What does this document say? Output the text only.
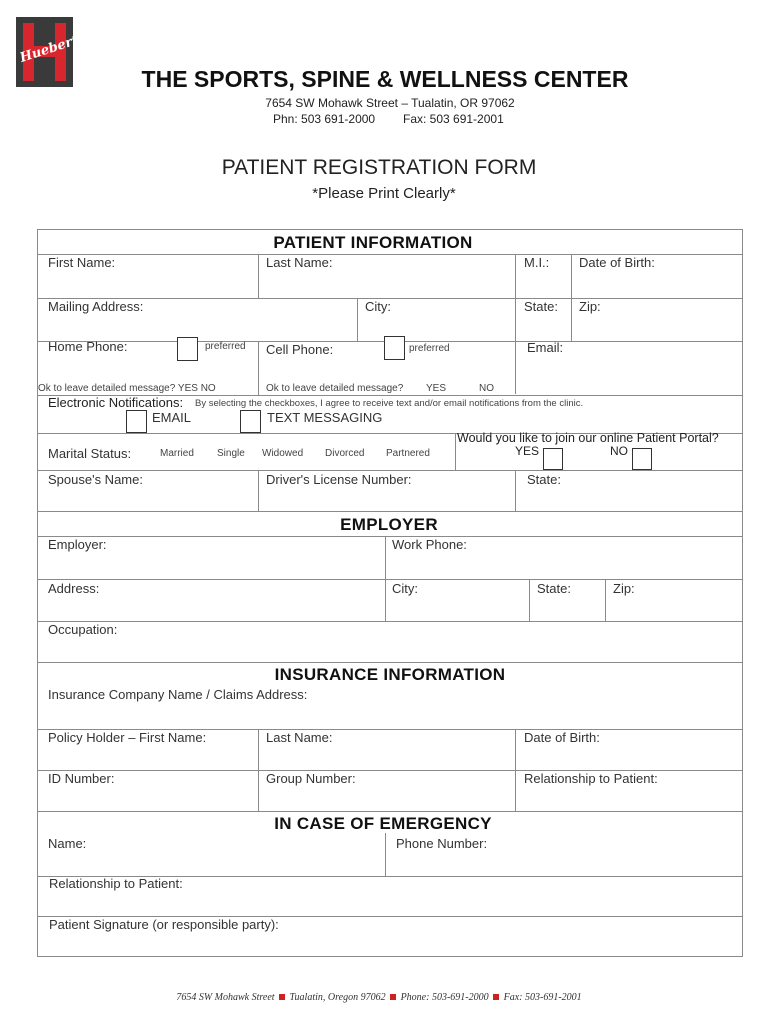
Huebert
THE SPORTS, SPINE & WELLNESS CENTER
7654 SW Mohawk Street – Tualatin, OR 97062
Phn: 503 691-2000 Fax: 503 691-2001
PATIENT REGISTRATION FORM
*Please Print Clearly*
PATIENT INFORMATION
First Name:	Last Name:	M.I.: Date of Birth:
Mailing Address:	City:	State: Zip:
Home Phone:	preferred Cell Phone:	preferred	Email:
Ok to leave detailed message? YES NO	Ok to leave detailed message? YES	NO
Electronic Notifications: By selecting the checkboxes, I agree to receive text and/or email notifications from the clinic.
EMAIL	TEXT MESSAGING
Marital Status:	Married Single Widowed Divorced Partnered
Would you like to join our online Patient Portal?
YES	NO
Spouse's Name:	Driver's License Number:	State:
EMPLOYER
Employer:	Work Phone:
Address:	City:	State:	Zip:
Occupation:
INSURANCE INFORMATION
Insurance Company Name / Claims Address:
Policy Holder – First Name:	Last Name:	Date of Birth:
ID Number:	Group Number:	Relationship to Patient:
IN CASE OF EMERGENCY
Name:	Phone Number:
Relationship to Patient:
Patient Signature (or responsible party):
7654 SW Mohawk Street Tualatin, Oregon 97062 Phone: 503-691-2000 Fax: 503-691-2001
